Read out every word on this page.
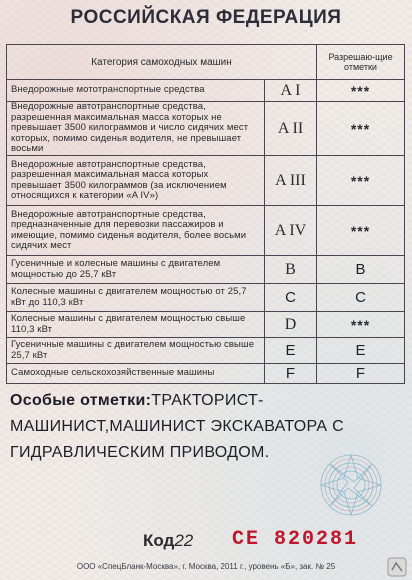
РОССИЙСКАЯ ФЕДЕРАЦИЯ
Категория самоходных машин		Разрешаю-щие отметки
Внедорожные мототранспортные средства	A I	***
Внедорожные автотранспортные средства, разрешенная максимальная масса которых не превышает 3500 килограммов и число сидячих мест которых, помимо сиденья водителя, не превышает восьми	A II	***
Внедорожные автотранспортные средства, разрешенная максимальная масса которых превышает 3500 килограммов (за исключением относящихся к категории «A IV»)	A III	***
Внедорожные автотранспортные средства, предназначенные для перевозки пассажиров и имеющие, помимо сиденья водителя, более восьми сидячих мест	A IV	***
Гусеничные и колесные машины с двигателем мощностью до 25,7 кВт	B	B
Колесные машины с двигателем мощностью от 25,7 кВт до 110,3 кВт	C	C
Колесные машины с двигателем мощностью свыше 110,3 кВт	D	***
Гусеничные машины с двигателем мощностью свыше 25,7 кВт	E	E
Самоходные сельскохозяйственные машины	F	F
Особые отметки:ТРАКТОРИСТ-
МАШИНИСТ,МАШИНИСТ ЭКСКАВАТОРА С
ГИДРАВЛИЧЕСКИМ ПРИВОДОМ.
Код22 CE 820281
ООО «СпецБланк-Москва», г. Москва, 2011 г., уровень «Б», зак. № 25
